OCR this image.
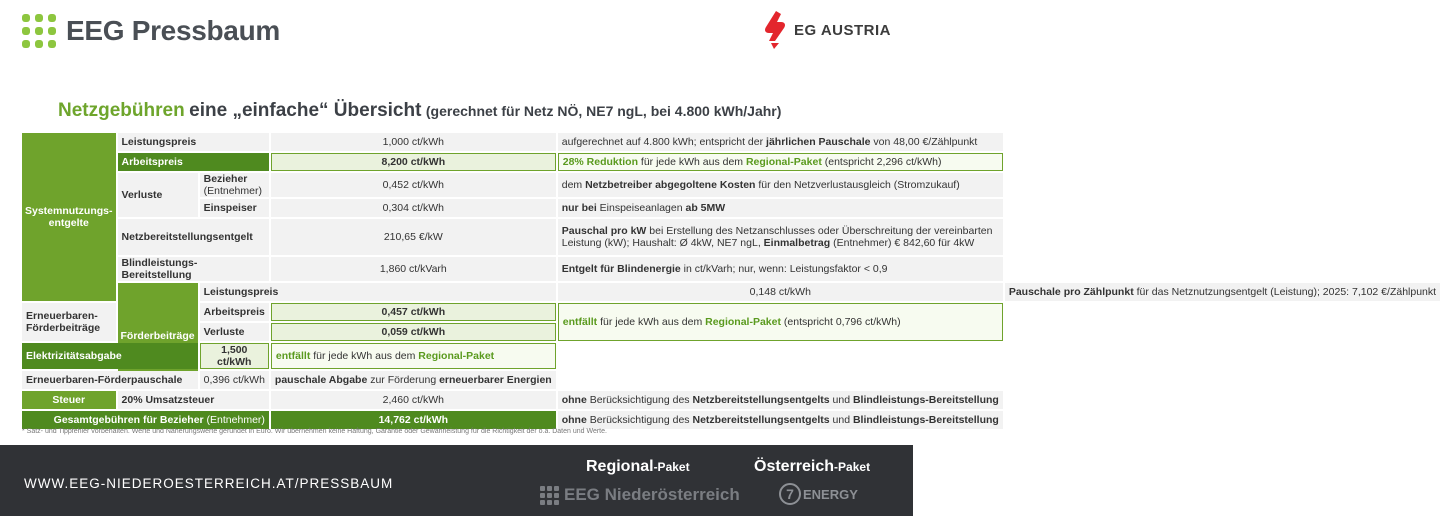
EEG Pressbaum	EG AUSTRIA
Netzgebühren eine „einfache“ Übersicht (gerechnet für Netz NÖ, NE7 ngL, bei 4.800 kWh/Jahr)
Systemnutzungs-entgelte	Leistungspreis		1,000 ct/kWh	aufgerechnet auf 4.800 kWh; entspricht der jährlichen Pauschale von 48,00 €/Zählpunkt	
	Arbeitspreis		8,200 ct/kWh	28% Reduktion für jede kWh aus dem Regional-Paket (entspricht 2,296 ct/kWh)	
	Verluste	Bezieher (Entnehmer)	0,452 ct/kWh	dem Netzbetreiber abgegoltene Kosten für den Netzverlustausgleich (Stromzukauf)	
		Einspeiser	0,304 ct/kWh	nur bei Einspeiseanlagen ab 5MW	
	Netzbereitstellungsentgelt		210,65 €/kW	Pauschal pro kW bei Erstellung des Netzanschlusses oder Überschreitung der vereinbarten Leistung (kW); Haushalt: Ø 4kW, NE7 ngL, Einmalbetrag (Entnehmer) € 842,60 für 4kW	
	Blindleistungs-Bereitstellung		1,860 ct/kVarh	Entgelt für Blindenergie in ct/kVarh; nur, wenn: Leistungsfaktor < 0,9	
	Förderbeiträge	Leistungspreis		0,148 ct/kWh	Pauschale pro Zählpunkt für das Netznutzungsentgelt (Leistung); 2025: 7,102 €/Zählpunkt
Erneuerbaren-Förderbeiträge		Arbeitspreis	0,457 ct/kWh	entfällt für jede kWh aus dem Regional-Paket (entspricht 0,796 ct/kWh)	
		Verluste	0,059 ct/kWh		
Elektrizitätsabgabe		1,500 ct/kWh	entfällt für jede kWh aus dem Regional-Paket		
Erneuerbaren-Förderpauschale		0,396 ct/kWh	pauschale Abgabe zur Förderung erneuerbarer Energien		
Steuer	20% Umsatzsteuer		2,460 ct/kWh	ohne Berücksichtigung des Netzbereitstellungsentgelts und Blindleistungs-Bereitstellung	
Gesamtgebühren für Bezieher (Entnehmer)			14,762 ct/kWh	ohne Berücksichtigung des Netzbereitstellungsentgelts und Blindleistungs-Bereitstellung	
* Satz- und Tippfehler vorbehalten. Werte und Näherungswerte gerundet in Euro. Wir übernehmen keine Haftung, Garantie oder Gewährleistung für die Richtigkeit der o.a. Daten und Werte.
WWW.EEG-NIEDEROESTERREICH.AT/PRESSBAUM
Regional-Paket	Österreich-Paket
EEG Niederösterreich	7 ENERGY
